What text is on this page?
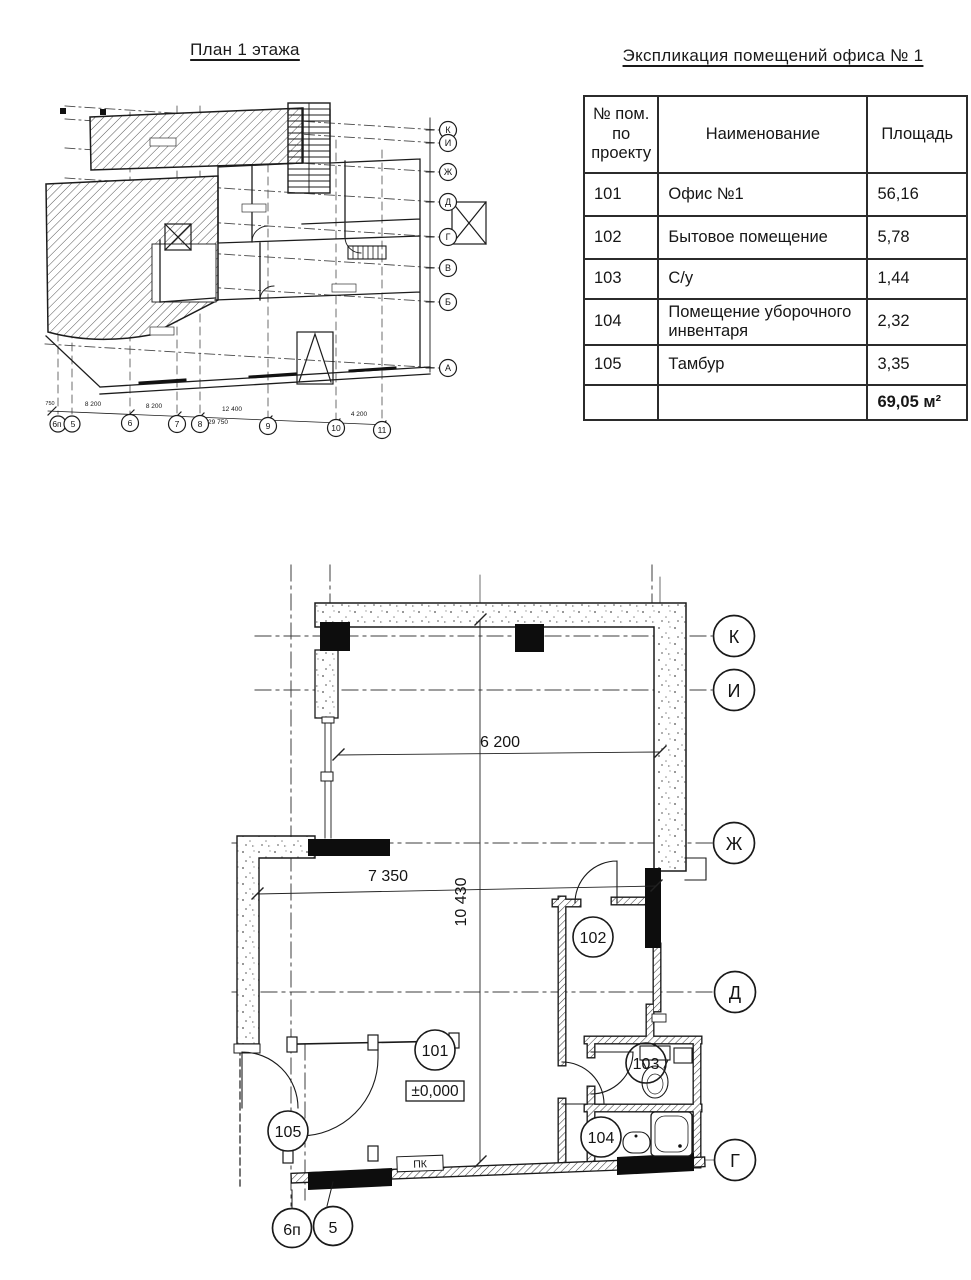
План 1 этажа	Экспликация помещений офиса № 1
№ пом. по проекту	Наименование	Площадь
101	Офис №1	56,16
102	Бытовое помещение	5,78
103	С/у	1,44
104	Помещение уборочного инвентаря	2,32
105	Тамбур	3,35
		69,05 м²
К
И
Ж
Д
Г
В
Б
А
750	8 200	8 200	12 400
4 200
29 750
6п 5	6	7 8	9	10	11
6 200
7 350
10 430
101
102
103
104
105
±0,000
ПК
К
И
Ж
Д
Г
6п 5
